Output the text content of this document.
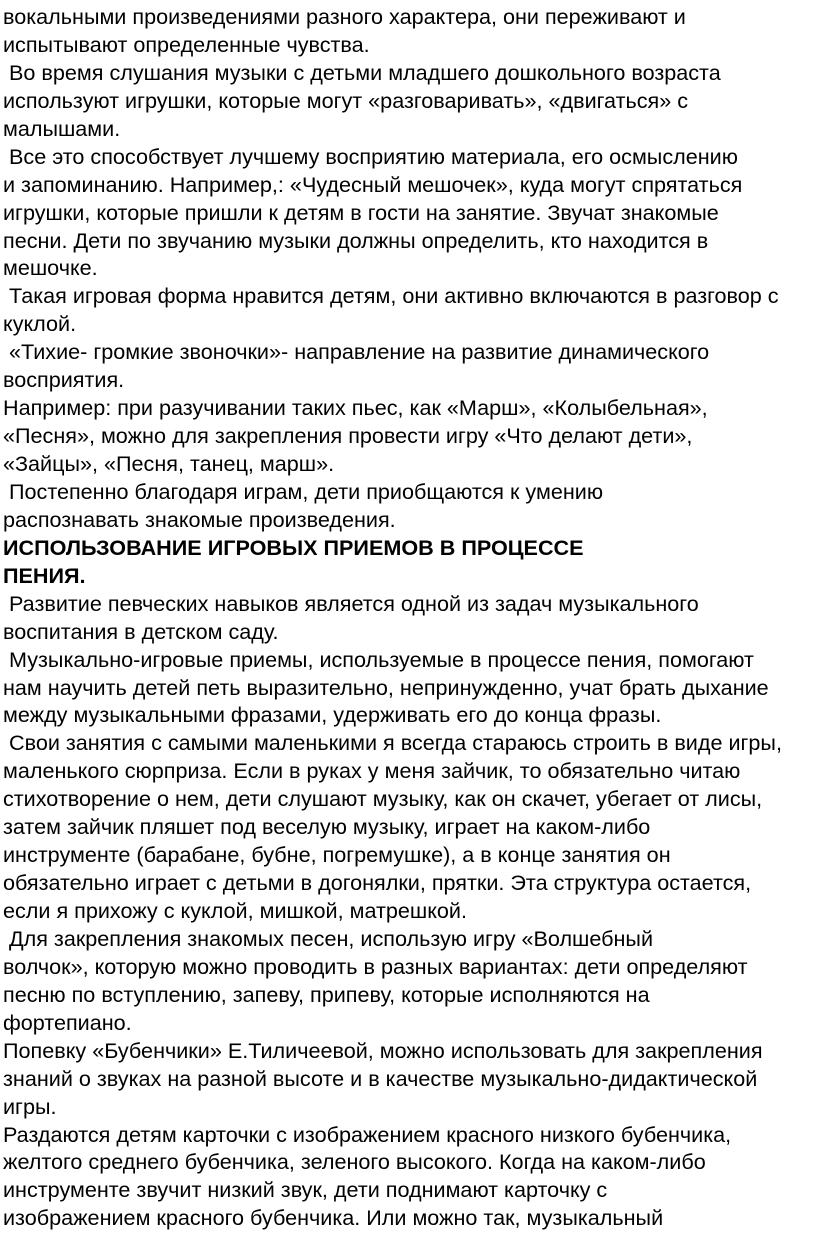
вокальными произведениями разного характера, они переживают и
испытывают определенные чувства.
Во время слушания музыки с детьми младшего дошкольного возраста
используют игрушки, которые могут «разговаривать», «двигаться» с
малышами.
Все это способствует лучшему восприятию материала, его осмыслению
и запоминанию. Например,: «Чудесный мешочек», куда могут спрятаться
игрушки, которые пришли к детям в гости на занятие. Звучат знакомые
песни. Дети по звучанию музыки должны определить, кто находится в
мешочке.
Такая игровая форма нравится детям, они активно включаются в разговор с
куклой.
«Тихие- громкие звоночки»- направление на развитие динамического
восприятия.
Например: при разучивании таких пьес, как «Марш», «Колыбельная»,
«Песня», можно для закрепления провести игру «Что делают дети»,
«Зайцы», «Песня, танец, марш».
Постепенно благодаря играм, дети приобщаются к умению
распознавать знакомые произведения.
ИСПОЛЬЗОВАНИЕ ИГРОВЫХ ПРИЕМОВ В ПРОЦЕССЕ
ПЕНИЯ.
Развитие певческих навыков является одной из задач музыкального
воспитания в детском саду.
Музыкально-игровые приемы, используемые в процессе пения, помогают
нам научить детей петь выразительно, непринужденно, учат брать дыхание
между музыкальными фразами, удерживать его до конца фразы.
Свои занятия с самыми маленькими я всегда стараюсь строить в виде игры,
маленького сюрприза. Если в руках у меня зайчик, то обязательно читаю
стихотворение о нем, дети слушают музыку, как он скачет, убегает от лисы,
затем зайчик пляшет под веселую музыку, играет на каком-либо
инструменте (барабане, бубне, погремушке), а в конце занятия он
обязательно играет с детьми в догонялки, прятки. Эта структура остается,
если я прихожу с куклой, мишкой, матрешкой.
Для закрепления знакомых песен, использую игру «Волшебный
волчок», которую можно проводить в разных вариантах: дети определяют
песню по вступлению, запеву, припеву, которые исполняются на
фортепиано.
Попевку «Бубенчики» Е.Тиличеевой, можно использовать для закрепления
знаний о звуках на разной высоте и в качестве музыкально-дидактической
игры.
Раздаются детям карточки с изображением красного низкого бубенчика,
желтого среднего бубенчика, зеленого высокого. Когда на каком-либо
инструменте звучит низкий звук, дети поднимают карточку с
изображением красного бубенчика. Или можно так, музыкальный
